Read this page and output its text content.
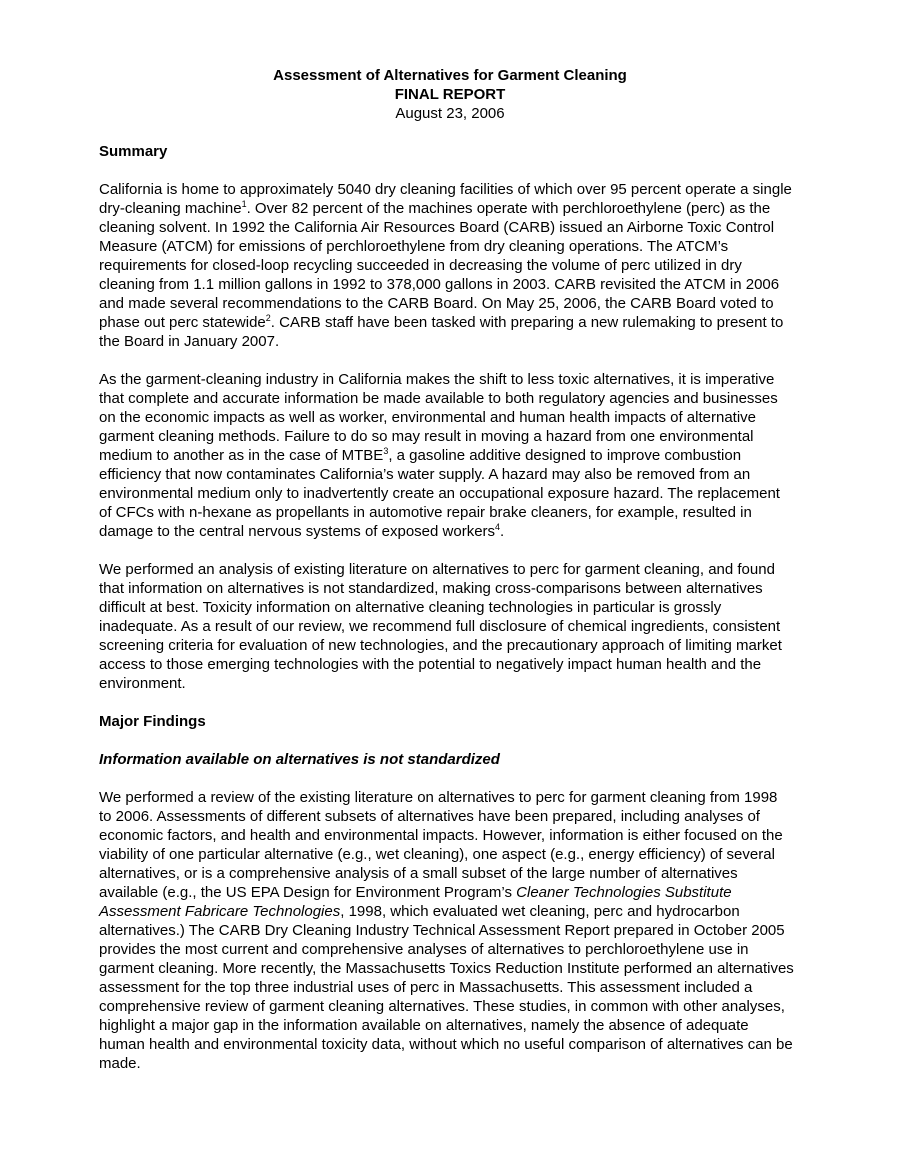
Assessment of Alternatives for Garment Cleaning
FINAL REPORT
August 23, 2006
Summary

California is home to approximately 5040 dry cleaning facilities of which over 95 percent operate a single dry-cleaning machine$^1$. Over 82 percent of the machines operate with perchloroethylene (perc) as the cleaning solvent. In 1992 the California Air Resources Board (CARB) issued an Airborne Toxic Control Measure (ATCM) for emissions of perchloroethylene from dry cleaning operations. The ATCM’s requirements for closed-loop recycling succeeded in decreasing the volume of perc utilized in dry cleaning from 1.1 million gallons in 1992 to 378,000 gallons in 2003. CARB revisited the ATCM in 2006 and made several recommendations to the CARB Board. On May 25, 2006, the CARB Board voted to phase out perc statewide$^2$. CARB staff have been tasked with preparing a new rulemaking to present to the Board in January 2007.

As the garment-cleaning industry in California makes the shift to less toxic alternatives, it is imperative that complete and accurate information be made available to both regulatory agencies and businesses on the economic impacts as well as worker, environmental and human health impacts of alternative garment cleaning methods. Failure to do so may result in moving a hazard from one environmental medium to another as in the case of MTBE$^3$, a gasoline additive designed to improve combustion efficiency that now contaminates California’s water supply. A hazard may also be removed from an environmental medium only to inadvertently create an occupational exposure hazard. The replacement of CFCs with n-hexane as propellants in automotive repair brake cleaners, for example, resulted in damage to the central nervous systems of exposed workers$^4$.

We performed an analysis of existing literature on alternatives to perc for garment cleaning, and found that information on alternatives is not standardized, making cross-comparisons between alternatives difficult at best. Toxicity information on alternative cleaning technologies in particular is grossly inadequate. As a result of our review, we recommend full disclosure of chemical ingredients, consistent screening criteria for evaluation of new technologies, and the precautionary approach of limiting market access to those emerging technologies with the potential to negatively impact human health and the environment.

Major Findings
Information available on alternatives is not standardized

We performed a review of the existing literature on alternatives to perc for garment cleaning from 1998 to 2006. Assessments of different subsets of alternatives have been prepared, including analyses of economic factors, and health and environmental impacts. However, information is either focused on the viability of one particular alternative (e.g., wet cleaning), one aspect (e.g., energy efficiency) of several alternatives, or is a comprehensive analysis of a small subset of the large number of alternatives available (e.g., the US EPA Design for Environment Program’s Cleaner Technologies Substitute Assessment Fabricare Technologies, 1998, which evaluated wet cleaning, perc and hydrocarbon alternatives.) The CARB Dry Cleaning Industry Technical Assessment Report prepared in October 2005 provides the most current and comprehensive analyses of alternatives to perchloroethylene use in garment cleaning. More recently, the Massachusetts Toxics Reduction Institute performed an alternatives assessment for the top three industrial uses of perc in Massachusetts. This assessment included a comprehensive review of garment cleaning alternatives. These studies, in common with other analyses, highlight a major gap in the information available on alternatives, namely the absence of adequate human health and environmental toxicity data, without which no useful comparison of alternatives can be made.
